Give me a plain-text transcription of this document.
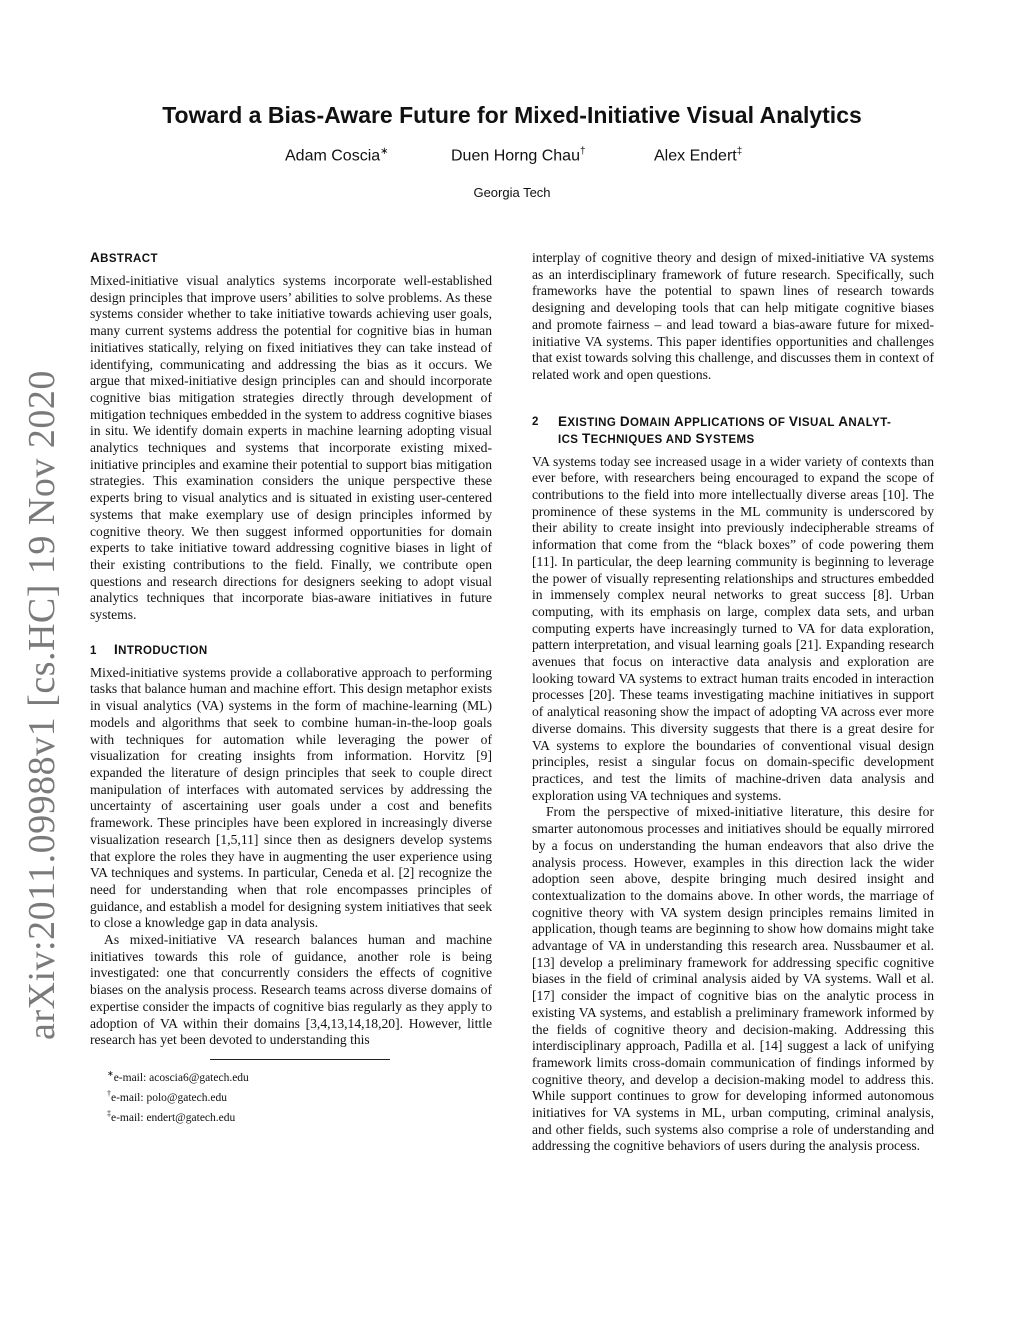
arXiv:2011.09988v1 [cs.HC] 19 Nov 2020
Toward a Bias-Aware Future for Mixed-Initiative Visual Analytics
Adam Coscia∗	Duen Horng Chau†	Alex Endert‡
Georgia Tech
ABSTRACT

Mixed-initiative visual analytics systems incorporate well-established design principles that improve users’ abilities to solve problems. As these systems consider whether to take initiative towards achieving user goals, many current systems address the potential for cognitive bias in human initiatives statically, relying on fixed initiatives they can take instead of identifying, communicating and addressing the bias as it occurs. We argue that mixed-initiative design principles can and should incorporate cognitive bias mitigation strategies directly through development of mitigation techniques embedded in the system to address cognitive biases in situ. We identify domain experts in machine learning adopting visual analytics techniques and systems that incorporate existing mixed-initiative principles and examine their potential to support bias mitigation strategies. This examination considers the unique perspective these experts bring to visual analytics and is situated in existing user-centered systems that make exemplary use of design principles informed by cognitive theory. We then suggest informed opportunities for domain experts to take initiative toward addressing cognitive biases in light of their existing contributions to the field. Finally, we contribute open questions and research directions for designers seeking to adopt visual analytics techniques that incorporate bias-aware initiatives in future systems.

1 INTRODUCTION

Mixed-initiative systems provide a collaborative approach to performing tasks that balance human and machine effort. This design metaphor exists in visual analytics (VA) systems in the form of machine-learning (ML) models and algorithms that seek to combine human-in-the-loop goals with techniques for automation while leveraging the power of visualization for creating insights from information. Horvitz [9] expanded the literature of design principles that seek to couple direct manipulation of interfaces with automated services by addressing the uncertainty of ascertaining user goals under a cost and benefits framework. These principles have been explored in increasingly diverse visualization research [1,5,11] since then as designers develop systems that explore the roles they have in augmenting the user experience using VA techniques and systems. In particular, Ceneda et al. [2] recognize the need for understanding when that role encompasses principles of guidance, and establish a model for designing system initiatives that seek to close a knowledge gap in data analysis.

As mixed-initiative VA research balances human and machine initiatives towards this role of guidance, another role is being investigated: one that concurrently considers the effects of cognitive biases on the analysis process. Research teams across diverse domains of expertise consider the impacts of cognitive bias regularly as they apply to adoption of VA within their domains [3,4,13,14,18,20]. However, little research has yet been devoted to understanding this

∗e-mail: acoscia6@gatech.edu
†e-mail: polo@gatech.edu
‡e-mail: endert@gatech.edu

interplay of cognitive theory and design of mixed-initiative VA systems as an interdisciplinary framework of future research. Specifically, such frameworks have the potential to spawn lines of research towards designing and developing tools that can help mitigate cognitive biases and promote fairness – and lead toward a bias-aware future for mixed-initiative VA systems. This paper identifies opportunities and challenges that exist towards solving this challenge, and discusses them in context of related work and open questions.

2	EXISTING DOMAIN APPLICATIONS OF VISUAL ANALYT-
ICS TECHNIQUES AND SYSTEMS

VA systems today see increased usage in a wider variety of contexts than ever before, with researchers being encouraged to expand the scope of contributions to the field into more intellectually diverse areas [10]. The prominence of these systems in the ML community is underscored by their ability to create insight into previously indecipherable streams of information that come from the “black boxes” of code powering them [11]. In particular, the deep learning community is beginning to leverage the power of visually representing relationships and structures embedded in immensely complex neural networks to great success [8]. Urban computing, with its emphasis on large, complex data sets, and urban computing experts have increasingly turned to VA for data exploration, pattern interpretation, and visual learning goals [21]. Expanding research avenues that focus on interactive data analysis and exploration are looking toward VA systems to extract human traits encoded in interaction processes [20]. These teams investigating machine initiatives in support of analytical reasoning show the impact of adopting VA across ever more diverse domains. This diversity suggests that there is a great desire for VA systems to explore the boundaries of conventional visual design principles, resist a singular focus on domain-specific development practices, and test the limits of machine-driven data analysis and exploration using VA techniques and systems.

From the perspective of mixed-initiative literature, this desire for smarter autonomous processes and initiatives should be equally mirrored by a focus on understanding the human endeavors that also drive the analysis process. However, examples in this direction lack the wider adoption seen above, despite bringing much desired insight and contextualization to the domains above. In other words, the marriage of cognitive theory with VA system design principles remains limited in application, though teams are beginning to show how domains might take advantage of VA in understanding this research area. Nussbaumer et al. [13] develop a preliminary framework for addressing specific cognitive biases in the field of criminal analysis aided by VA systems. Wall et al. [17] consider the impact of cognitive bias on the analytic process in existing VA systems, and establish a preliminary framework informed by the fields of cognitive theory and decision-making. Addressing this interdisciplinary approach, Padilla et al. [14] suggest a lack of unifying framework limits cross-domain communication of findings informed by cognitive theory, and develop a decision-making model to address this. While support continues to grow for developing informed autonomous initiatives for VA systems in ML, urban computing, criminal analysis, and other fields, such systems also comprise a role of understanding and addressing the cognitive behaviors of users during the analysis process.
